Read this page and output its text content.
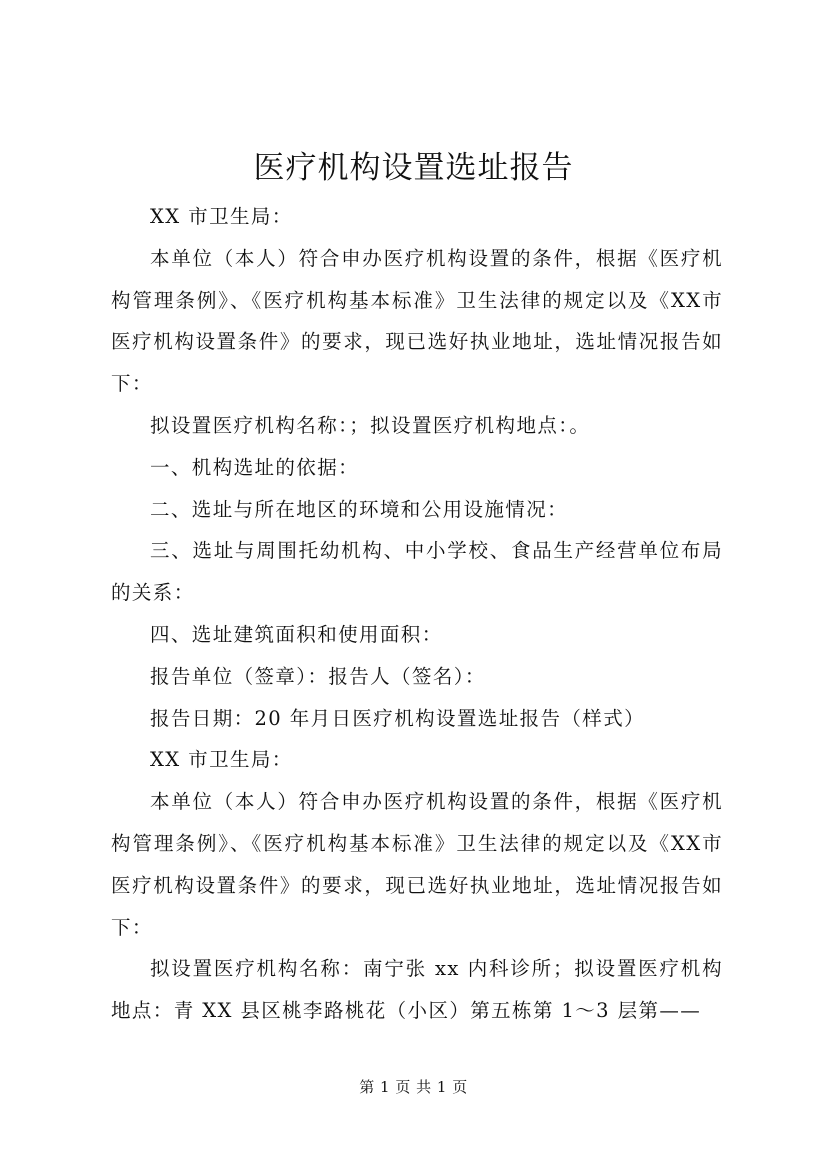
医疗机构设置选址报告

XX 市卫生局：

本单位（本人）符合申办医疗机构设置的条件，根据《医疗机构管理条例》、《医疗机构基本标准》卫生法律的规定以及《XX市医疗机构设置条件》的要求，现已选好执业地址，选址情况报告如下：

拟设置医疗机构名称：；拟设置医疗机构地点：。

一、机构选址的依据：

二、选址与所在地区的环境和公用设施情况：

三、选址与周围托幼机构、中小学校、食品生产经营单位布局的关系：

四、选址建筑面积和使用面积：

报告单位（签章）：报告人（签名）：

报告日期：20 年月日医疗机构设置选址报告（样式）

XX 市卫生局：

本单位（本人）符合申办医疗机构设置的条件，根据《医疗机构管理条例》、《医疗机构基本标准》卫生法律的规定以及《XX市医疗机构设置条件》的要求，现已选好执业地址，选址情况报告如下：

拟设置医疗机构名称：南宁张 xx 内科诊所；拟设置医疗机构地点：青 XX 县区桃李路桃花（小区）第五栋第 1～3 层第——

第 1 页 共 1 页
